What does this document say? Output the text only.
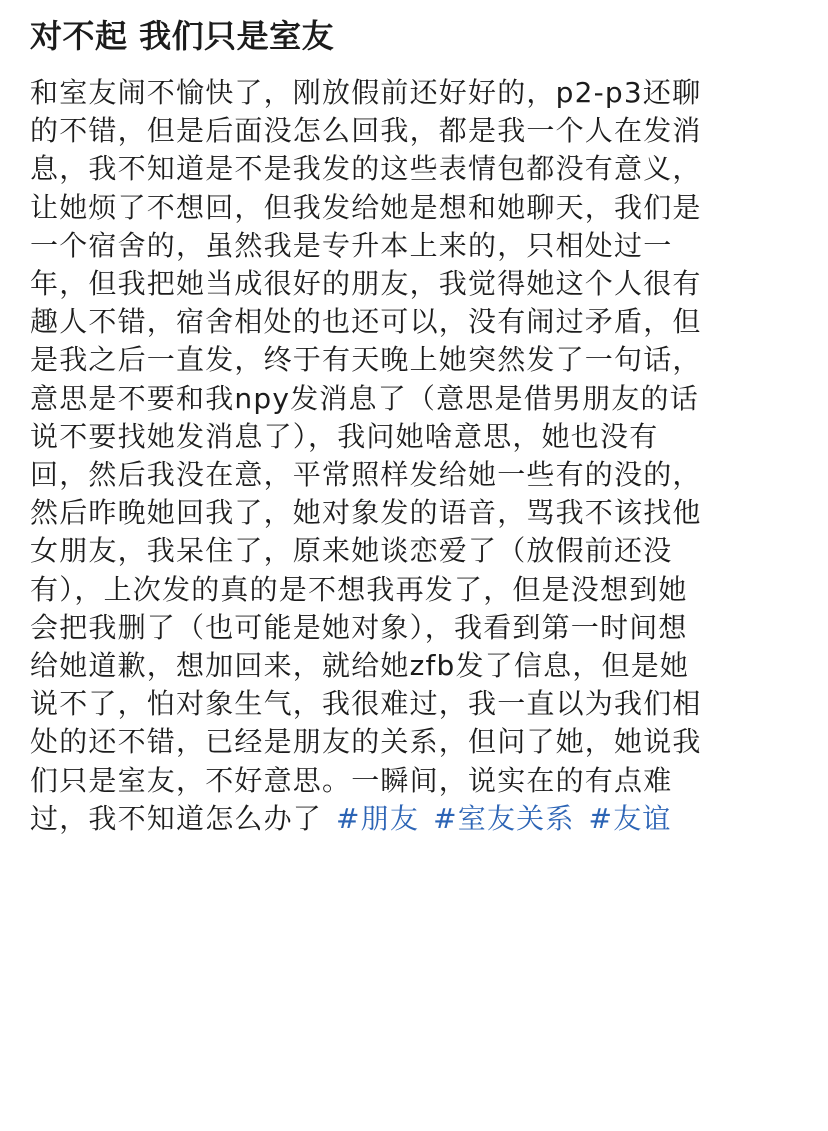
对不起 我们只是室友
和室友闹不愉快了，刚放假前还好好的，p2-p3还聊
的不错，但是后面没怎么回我，都是我一个人在发消
息，我不知道是不是我发的这些表情包都没有意义，
让她烦了不想回，但我发给她是想和她聊天，我们是
一个宿舍的，虽然我是专升本上来的，只相处过一
年，但我把她当成很好的朋友，我觉得她这个人很有
趣人不错，宿舍相处的也还可以，没有闹过矛盾，但
是我之后一直发，终于有天晚上她突然发了一句话，
意思是不要和我npy发消息了（意思是借男朋友的话
说不要找她发消息了），我问她啥意思，她也没有
回，然后我没在意，平常照样发给她一些有的没的，
然后昨晚她回我了，她对象发的语音，骂我不该找他
女朋友，我呆住了，原来她谈恋爱了（放假前还没
有），上次发的真的是不想我再发了，但是没想到她
会把我删了（也可能是她对象），我看到第一时间想
给她道歉，想加回来，就给她zfb发了信息，但是她
说不了，怕对象生气，我很难过，我一直以为我们相
处的还不错，已经是朋友的关系，但问了她，她说我
们只是室友，不好意思。一瞬间，说实在的有点难
过，我不知道怎么办了 #朋友 #室友关系 #友谊
